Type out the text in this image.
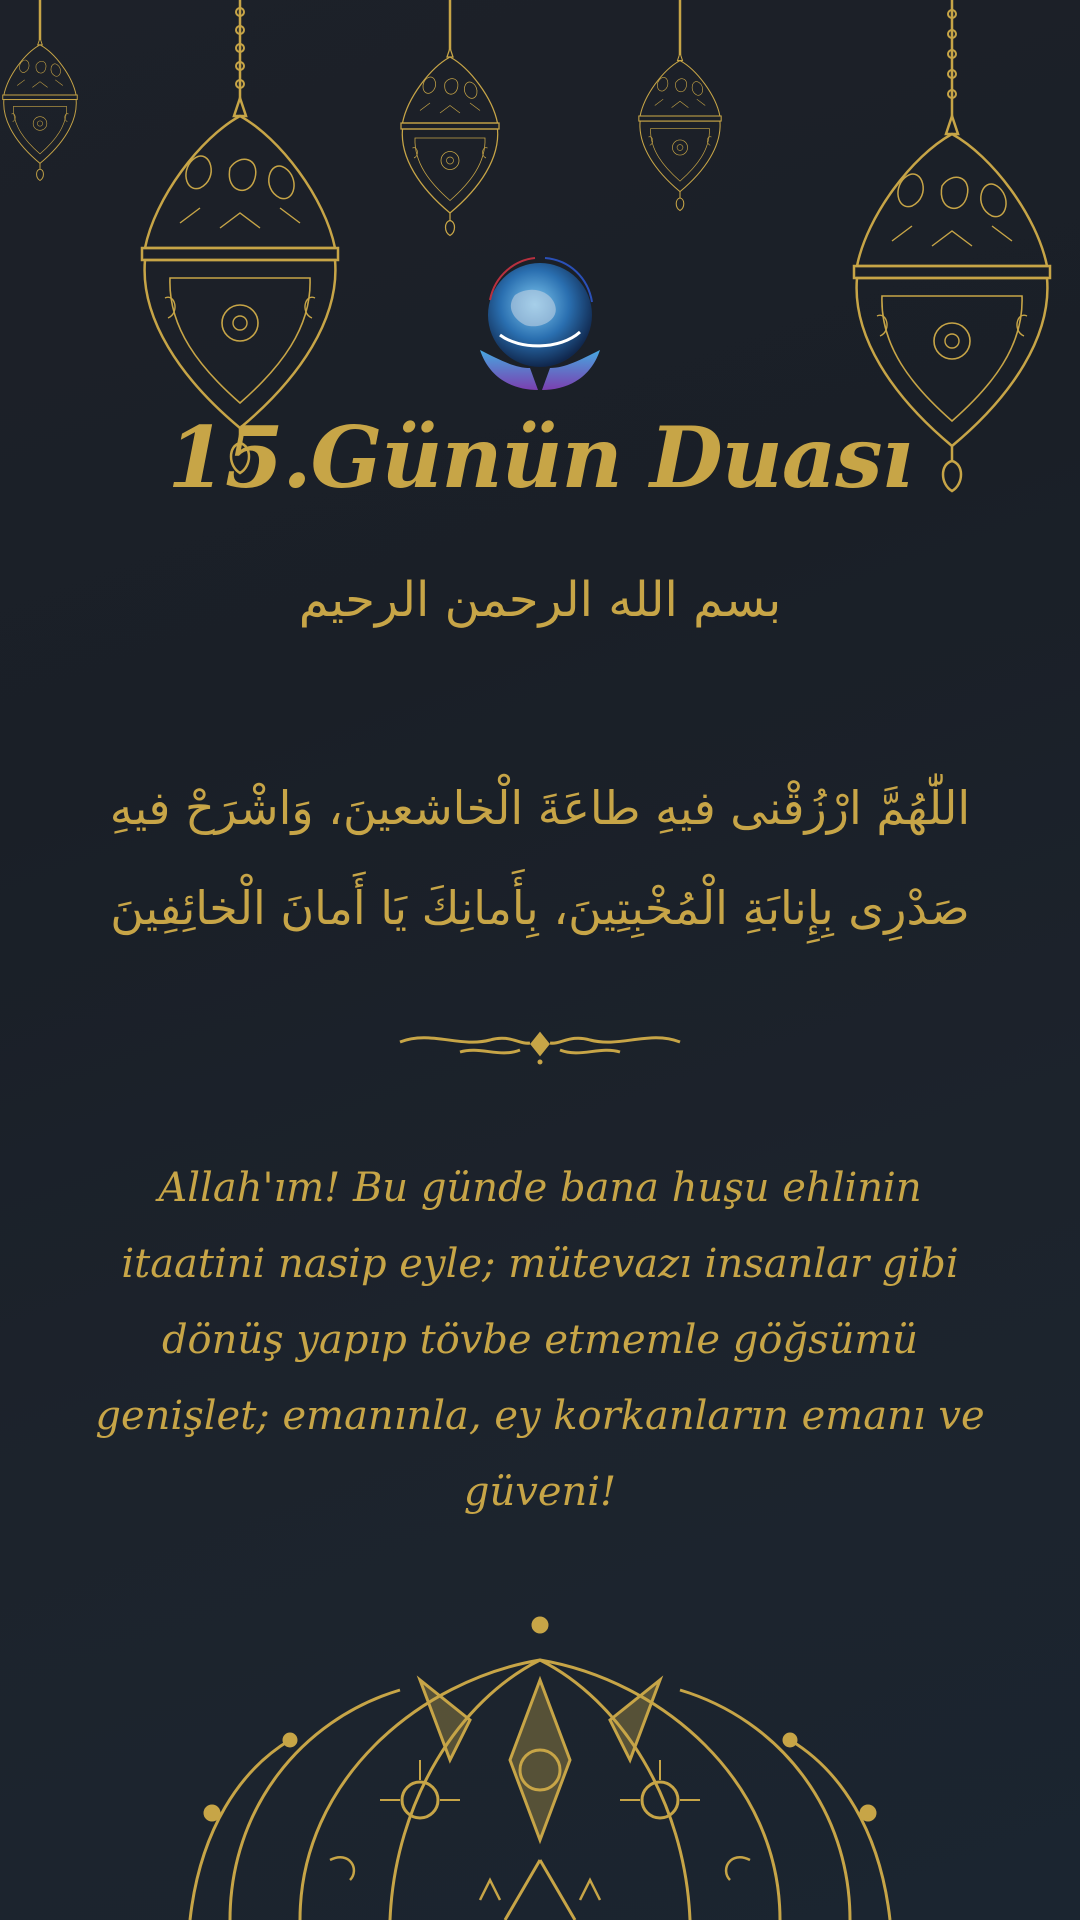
15.Günün Duası
بسم الله الرحمن الرحيم
اللّٰهُمَّ ارْزُقْنی فیهِ طاعَةَ الْخاشعینَ، وَاشْرَحْ فیهِ صَدْرِی بِإِنابَةِ الْمُخْبِتِینَ، بِأَمانِكَ یَا أَمانَ الْخائِفِینَ
Allah'ım! Bu günde bana huşu ehlinin itaatini nasip eyle; mütevazı insanlar gibi dönüş yapıp tövbe etmemle göğsümü genişlet; emanınla, ey korkanların emanı ve güveni!
